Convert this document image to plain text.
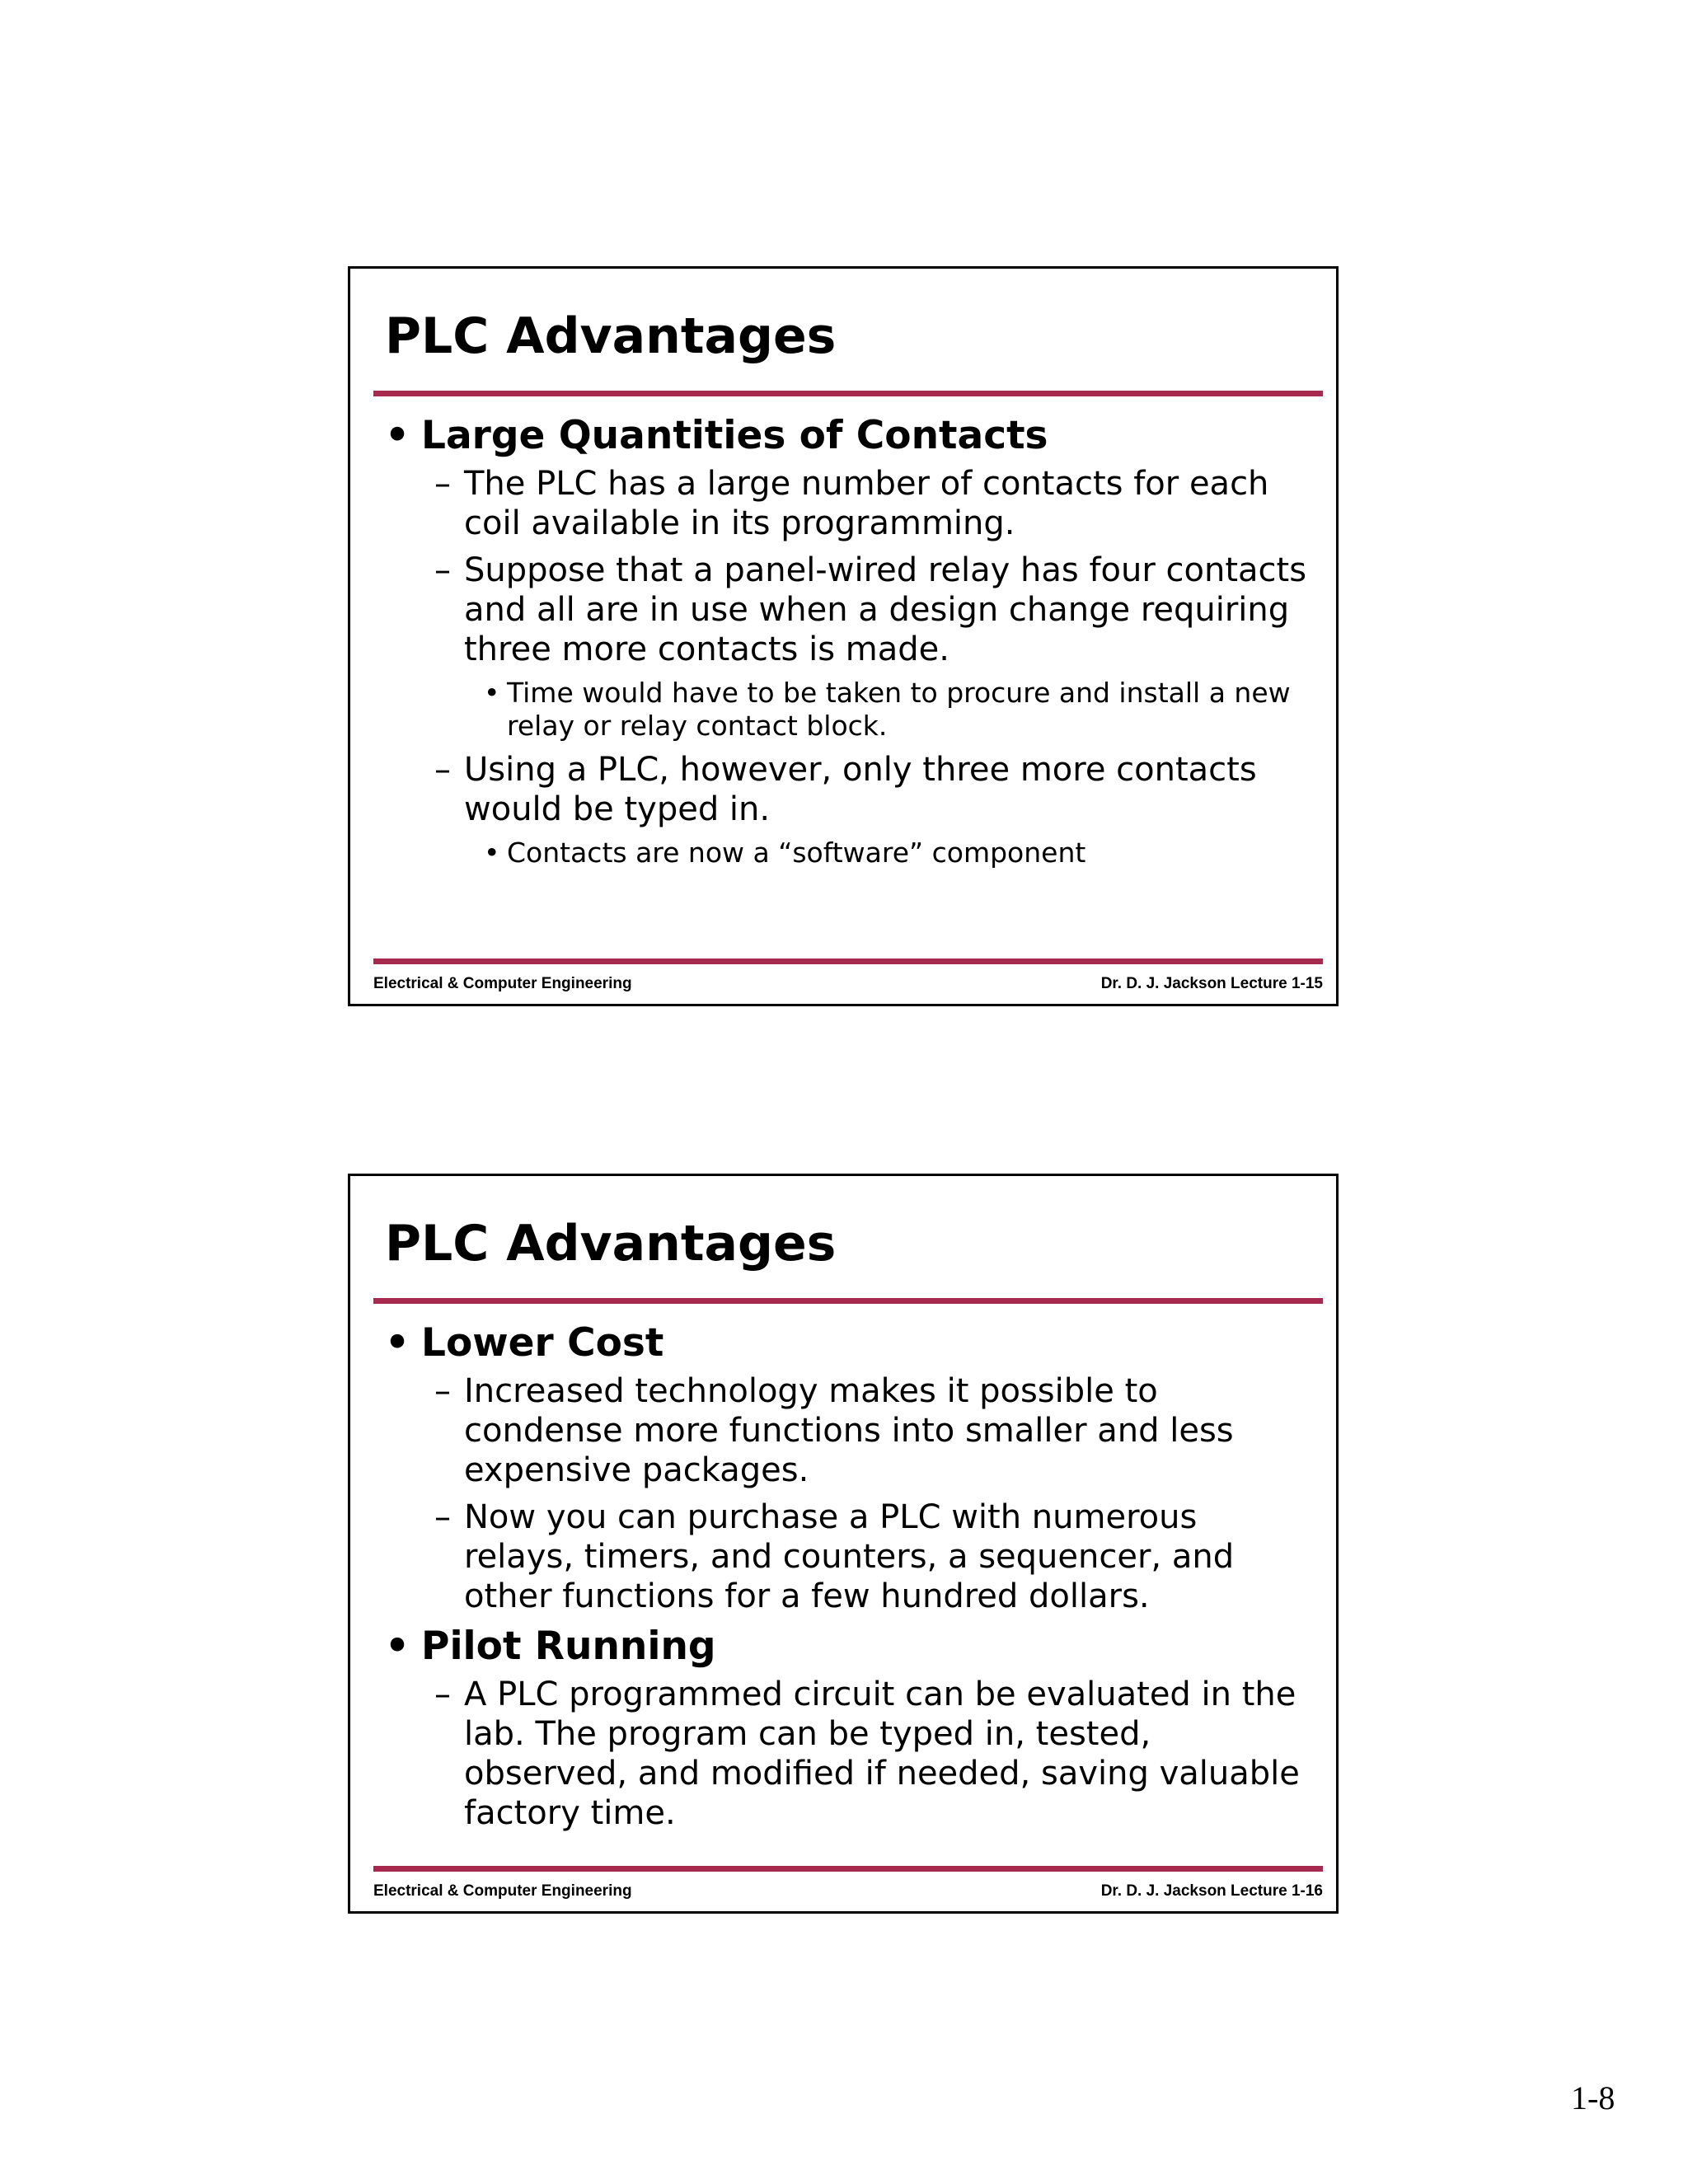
PLC Advantages
• Large Quantities of Contacts
– The PLC has a large number of contacts for each coil available in its programming.
– Suppose that a panel-wired relay has four contacts and all are in use when a design change requiring three more contacts is made.
• Time would have to be taken to procure and install a new relay or relay contact block.
– Using a PLC, however, only three more contacts would be typed in.
• Contacts are now a “software” component
Electrical & Computer Engineering	Dr. D. J. Jackson Lecture 1-15
PLC Advantages
• Lower Cost
– Increased technology makes it possible to condense more functions into smaller and less expensive packages.
– Now you can purchase a PLC with numerous relays, timers, and counters, a sequencer, and other functions for a few hundred dollars.
• Pilot Running
– A PLC programmed circuit can be evaluated in the lab. The program can be typed in, tested, observed, and modified if needed, saving valuable factory time.
Electrical & Computer Engineering	Dr. D. J. Jackson Lecture 1-16
1-8
